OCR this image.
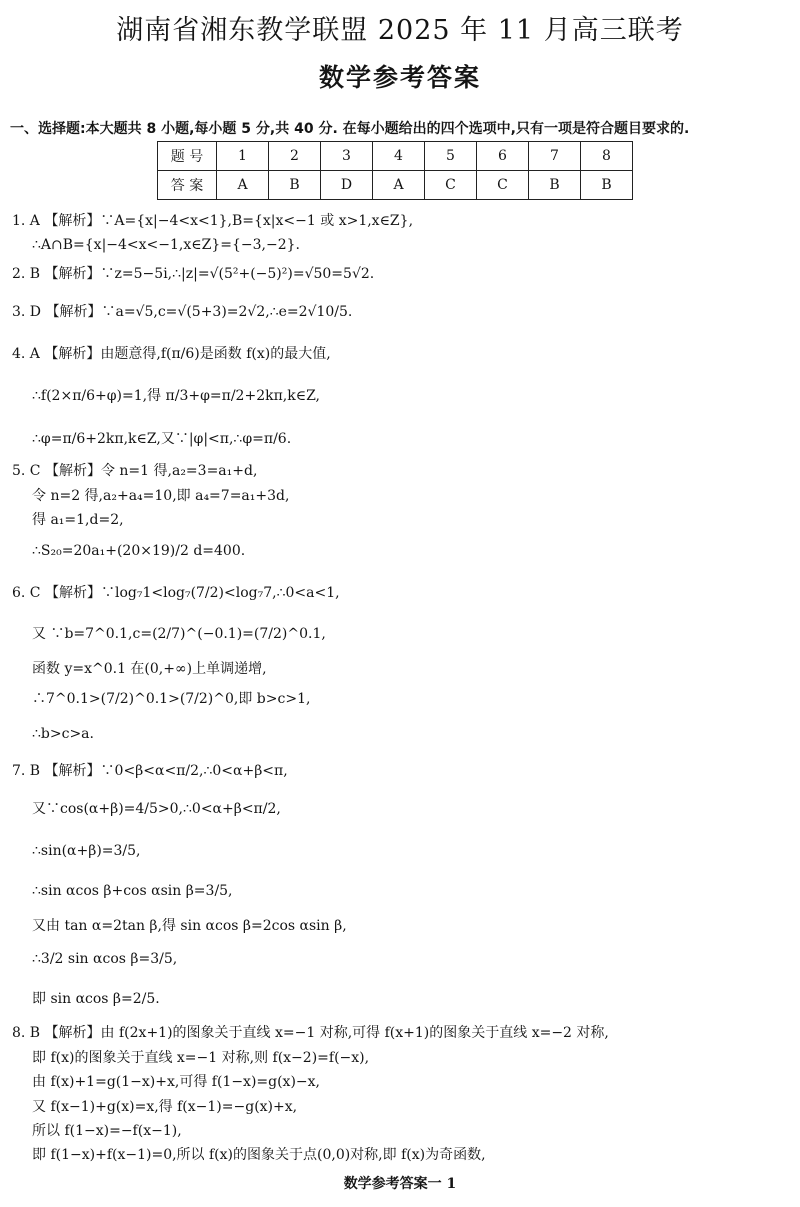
湖南省湘东教学联盟 2025 年 11 月高三联考
数学参考答案
一、选择题:本大题共 8 小题,每小题 5 分,共 40 分. 在每小题给出的四个选项中,只有一项是符合题目要求的.
题 号	1	2	3	4	5	6	7	8
答 案	A	B	D	A	C	C	B	B
1. A 【解析】∵A={x|−4<x<1},B={x|x<−1 或 x>1,x∈Z},
∴A∩B={x|−4<x<−1,x∈Z}={−3,−2}.
2. B 【解析】∵z=5−5i,∴|z|=√(5²+(−5)²)=√50=5√2.
3. D 【解析】∵a=√5,c=√(5+3)=2√2,∴e=2√10/5.
4. A 【解析】由题意得,f(π/6)是函数 f(x)的最大值,
∴f(2×π/6+φ)=1,得 π/3+φ=π/2+2kπ,k∈Z,
∴φ=π/6+2kπ,k∈Z,又∵|φ|<π,∴φ=π/6.
5. C 【解析】令 n=1 得,a₂=3=a₁+d,
令 n=2 得,a₂+a₄=10,即 a₄=7=a₁+3d,
得 a₁=1,d=2,
∴S₂₀=20a₁+(20×19)/2 d=400.
6. C 【解析】∵log₇1<log₇(7/2)<log₇7,∴0<a<1,
又 ∵b=7^0.1,c=(2/7)^(−0.1)=(7/2)^0.1,
函数 y=x^0.1 在(0,+∞)上单调递增,
∴7^0.1>(7/2)^0.1>(7/2)^0,即 b>c>1,
∴b>c>a.
7. B 【解析】∵0<β<α<π/2,∴0<α+β<π,
又∵cos(α+β)=4/5>0,∴0<α+β<π/2,
∴sin(α+β)=3/5,
∴sin αcos β+cos αsin β=3/5,
又由 tan α=2tan β,得 sin αcos β=2cos αsin β,
∴3/2 sin αcos β=3/5,
即 sin αcos β=2/5.
8. B 【解析】由 f(2x+1)的图象关于直线 x=−1 对称,可得 f(x+1)的图象关于直线 x=−2 对称,
即 f(x)的图象关于直线 x=−1 对称,则 f(x−2)=f(−x),
由 f(x)+1=g(1−x)+x,可得 f(1−x)=g(x)−x,
又 f(x−1)+g(x)=x,得 f(x−1)=−g(x)+x,
所以 f(1−x)=−f(x−1),
即 f(1−x)+f(x−1)=0,所以 f(x)的图象关于点(0,0)对称,即 f(x)为奇函数,
数学参考答案一 1
